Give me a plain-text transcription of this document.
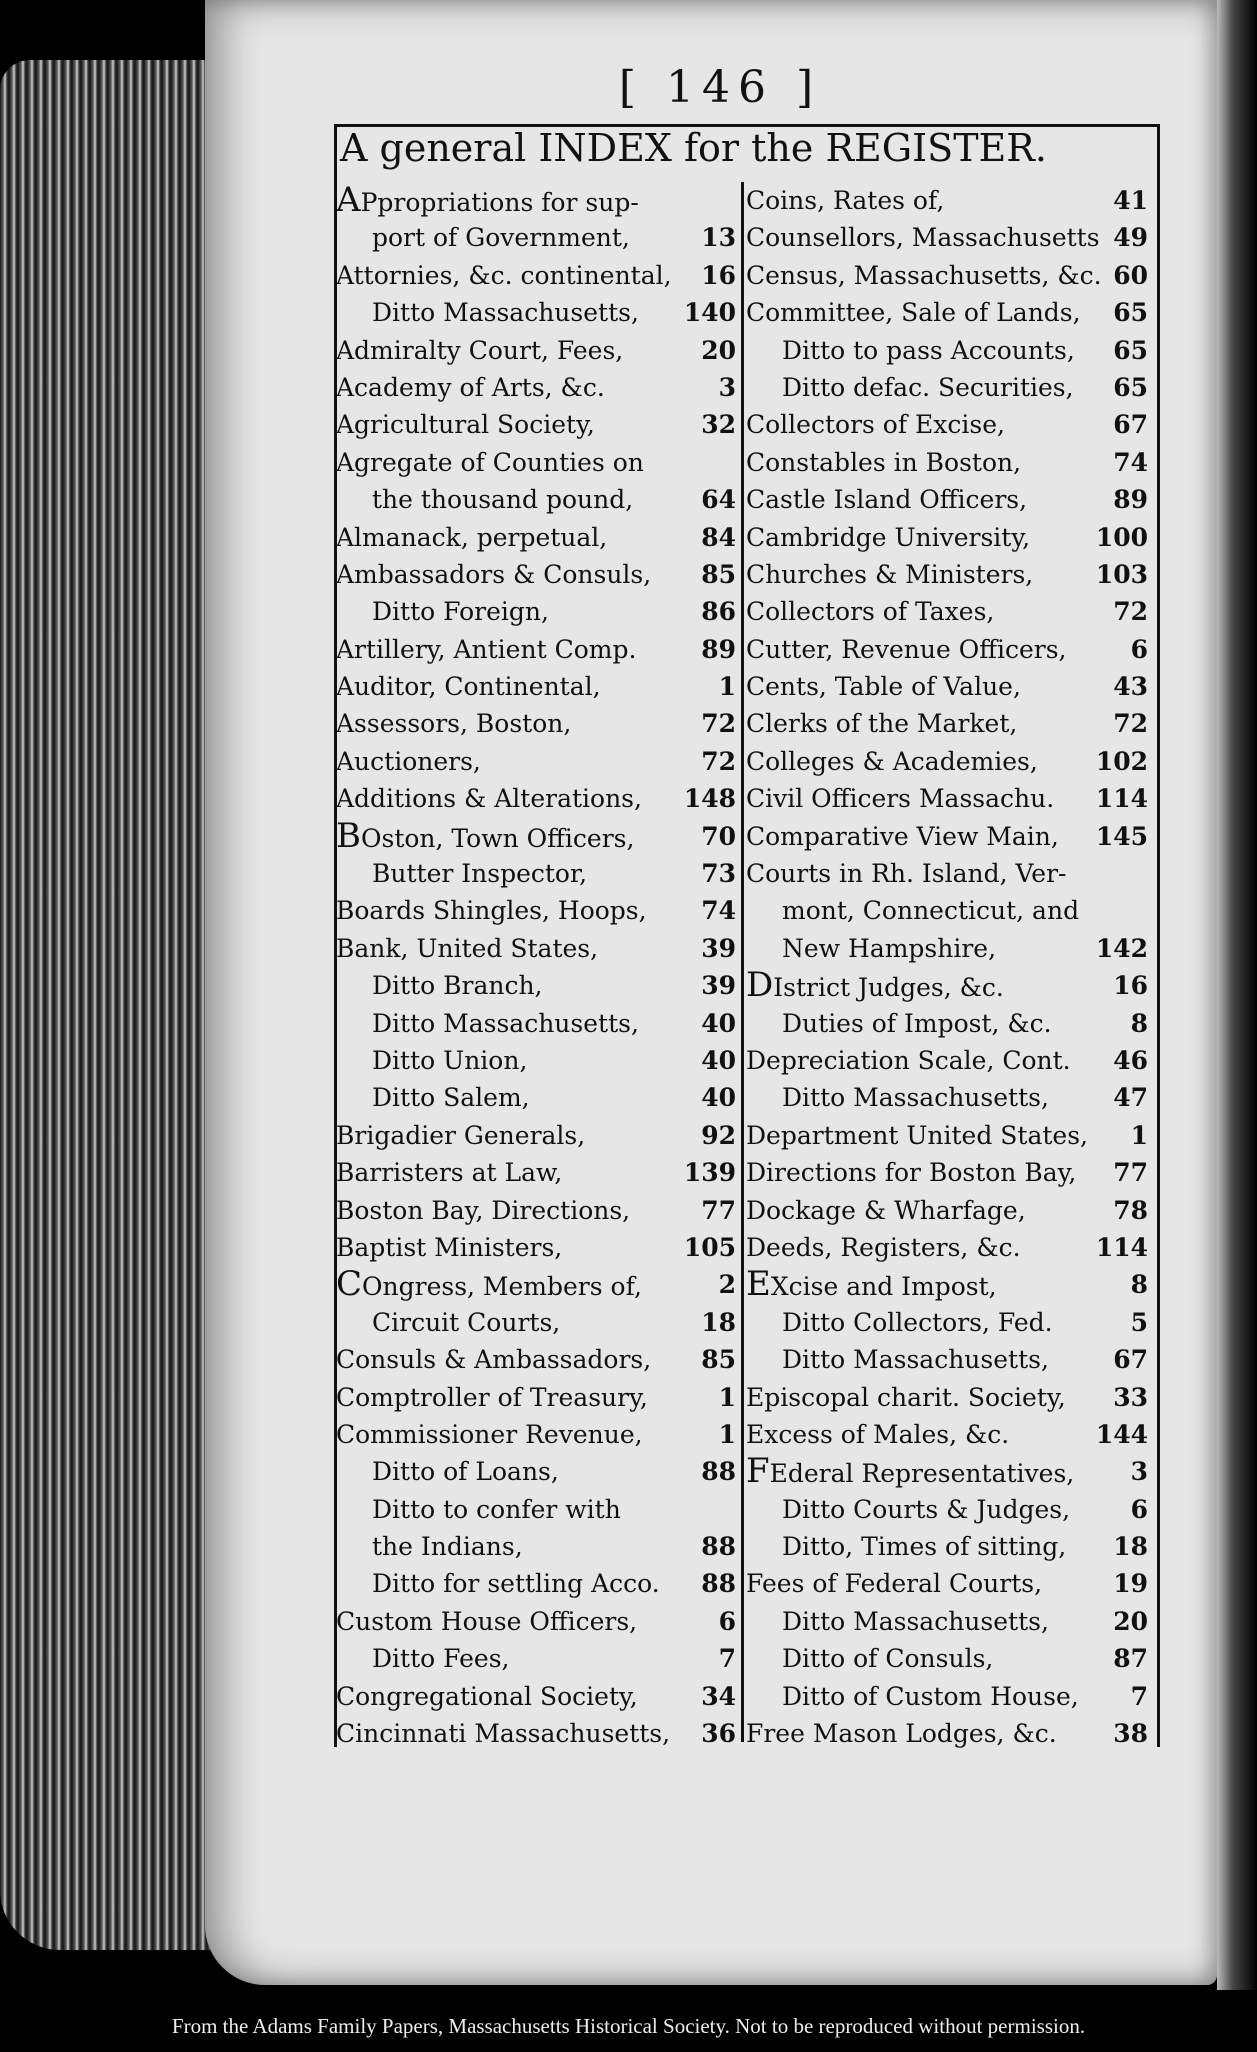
[ 146 ]
A general INDEX for the REGISTER.
APpropriations for sup-
port of Government,	13
Attornies, &c. continental, 16
Ditto Massachusetts, 140
Admiralty Court, Fees,	20
Academy of Arts, &c.	3
Agricultural Society,	32
Agregate of Counties on
the thousand pound,	64
Almanack, perpetual,	84
Ambassadors & Consuls, 85
Ditto Foreign,	86
Artillery, Antient Comp.	89
Auditor, Continental,	1
Assessors, Boston,	72
Auctioners,	72
Additions & Alterations, 148
BOston, Town Officers,	70
Butter Inspector,	73
Boards Shingles, Hoops, 74
Bank, United States,	39
Ditto Branch,	39
Ditto Massachusetts, 40
Ditto Union,	40
Ditto Salem,	40
Brigadier Generals,	92
Barristers at Law,	139
Boston Bay, Directions,	77
Baptist Ministers,	105
COngress, Members of,	2
Circuit Courts,	18
Consuls & Ambassadors, 85
Comptroller of Treasury,	1
Commissioner Revenue,	1
Ditto of Loans,	88
Ditto to confer with
the Indians,	88
Ditto for settling Acco. 88
Custom House Officers,	6
Ditto Fees,	7
Congregational Society,	34
Cincinnati Massachusetts, 36
Coins, Rates of,	41
Counsellors, Massachusetts 49
Census, Massachusetts, &c. 60
Committee, Sale of Lands, 65
Ditto to pass Accounts, 65
Ditto defac. Securities, 65
Collectors of Excise,	67
Constables in Boston,	74
Castle Island Officers,	89
Cambridge University,	100
Churches & Ministers,	103
Collectors of Taxes,	72
Cutter, Revenue Officers,	6
Cents, Table of Value,	43
Clerks of the Market,	72
Colleges & Academies, 102
Civil Officers Massachu. 114
Comparative View Main, 145
Courts in Rh. Island, Ver-
mont, Connecticut, and
New Hampshire,	142
DIstrict Judges, &c.	16
Duties of Impost, &c.	8
Depreciation Scale, Cont. 46
Ditto Massachusetts,	47
Department United States, 1
Directions for Boston Bay, 77
Dockage & Wharfage,	78
Deeds, Registers, &c.	114
EXcise and Impost,	8
Ditto Collectors, Fed.	5
Ditto Massachusetts,	67
Episcopal charit. Society, 33
Excess of Males, &c.	144
FEderal Representatives, 3
Ditto Courts & Judges, 6
Ditto, Times of sitting, 18
Fees of Federal Courts,	19
Ditto Massachusetts,	20
Ditto of Consuls,	87
Ditto of Custom House, 7
Free Mason Lodges, &c. 38
From the Adams Family Papers, Massachusetts Historical Society. Not to be reproduced without permission.
